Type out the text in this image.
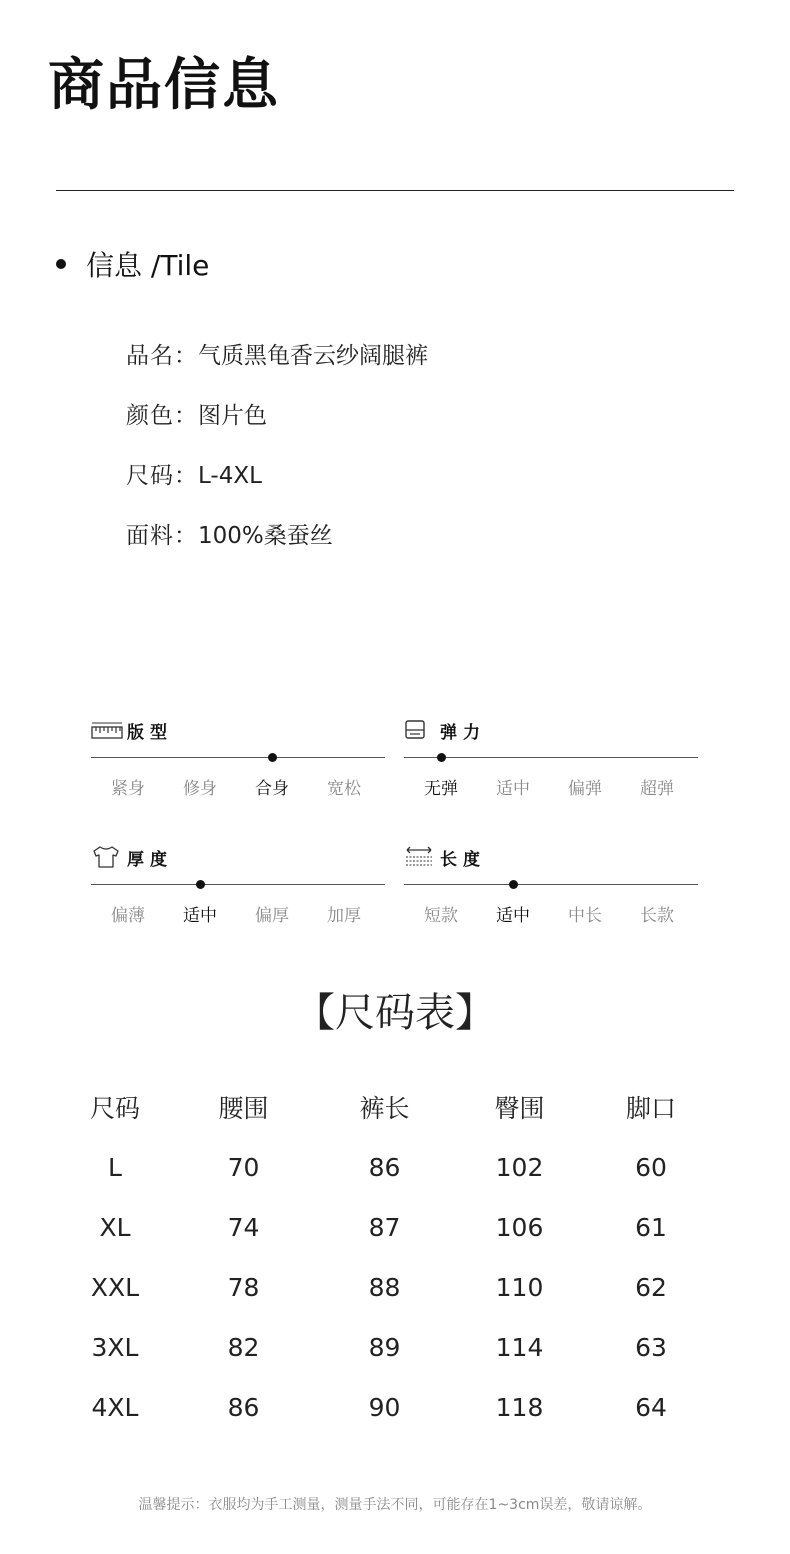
商品信息
信息 /Tile
品名： 气质黑龟香云纱阔腿裤
颜色： 图片色
尺码： L-4XL
面料： 100%桑蚕丝
版型
紧身 修身 合身 宽松
弹力
无弹 适中 偏弹 超弹
厚度
偏薄 适中 偏厚 加厚
长度
短款 适中 中长 长款
【尺码表】
尺码	腰围	裤长	臀围	脚口
L	70	86	102	60
XL	74	87	106	61
XXL	78	88	110	62
3XL	82	89	114	63
4XL	86	90	118	64
温馨提示：衣服均为手工测量，测量手法不同，可能存在1~3cm误差，敬请谅解。
